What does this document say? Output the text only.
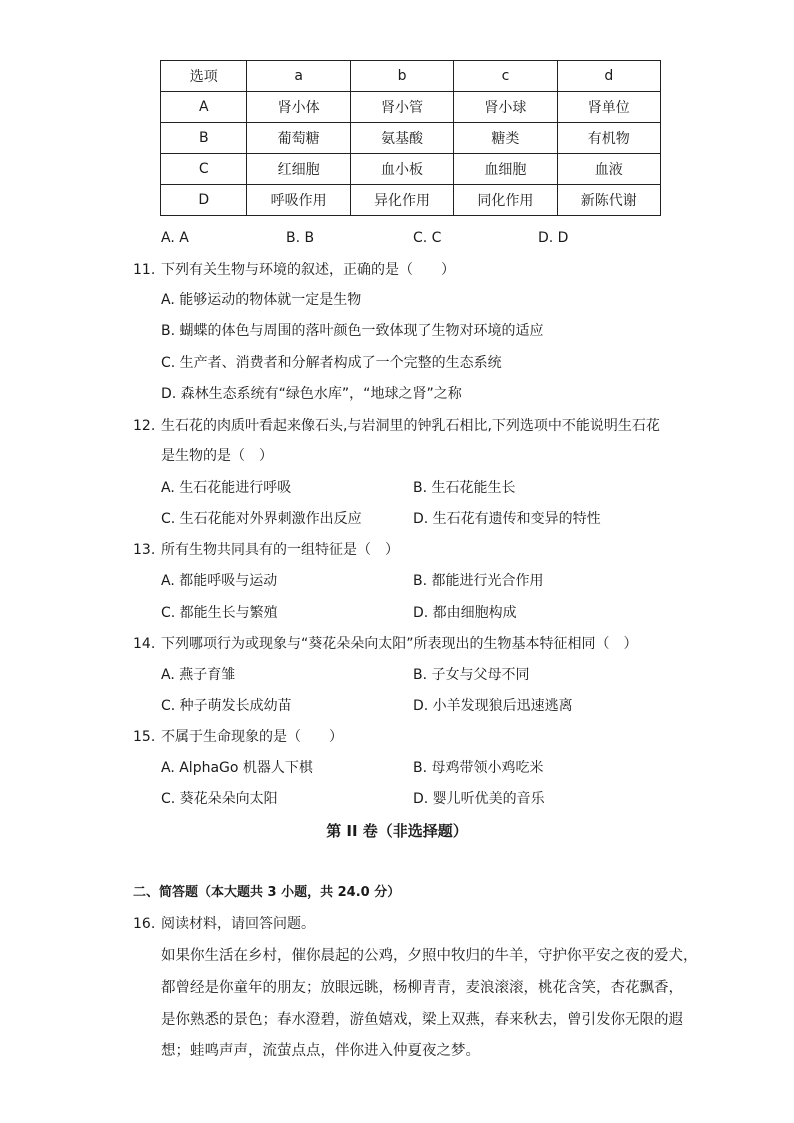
选项	a	b	c	d
A	肾小体	肾小管	肾小球	肾单位
B	葡萄糖	氨基酸	糖类	有机物
C	红细胞	血小板	血细胞	血液
D	呼吸作用	异化作用	同化作用	新陈代谢
A. A	B. B	C. C	D. D
11. 下列有关生物与环境的叙述，正确的是（　　）
A. 能够运动的物体就一定是生物
B. 蝴蝶的体色与周围的落叶颜色一致体现了生物对环境的适应
C. 生产者、消费者和分解者构成了一个完整的生态系统
D. 森林生态系统有“绿色水库”，“地球之肾”之称
12. 生石花的肉质叶看起来像石头,与岩洞里的钟乳石相比,下列选项中不能说明生石花
是生物的是（　）
A. 生石花能进行呼吸	B. 生石花能生长
C. 生石花能对外界刺激作出反应	D. 生石花有遗传和变异的特性
13. 所有生物共同具有的一组特征是（　）
A. 都能呼吸与运动	B. 都能进行光合作用
C. 都能生长与繁殖	D. 都由细胞构成
14. 下列哪项行为或现象与“葵花朵朵向太阳”所表现出的生物基本特征相同（　）
A. 燕子育雏	B. 子女与父母不同
C. 种子萌发长成幼苗	D. 小羊发现狼后迅速逃离
15. 不属于生命现象的是（　　）
A. AlphaGo 机器人下棋	B. 母鸡带领小鸡吃米
C. 葵花朵朵向太阳	D. 婴儿听优美的音乐
第 II 卷（非选择题）
二、简答题（本大题共 3 小题，共 24.0 分）
16. 阅读材料，请回答问题。
如果你生活在乡村，催你晨起的公鸡，夕照中牧归的牛羊，守护你平安之夜的爱犬，
都曾经是你童年的朋友；放眼远眺，杨柳青青，麦浪滚滚，桃花含笑，杏花飘香，
是你熟悉的景色；春水澄碧，游鱼嬉戏，梁上双燕，春来秋去，曾引发你无限的遐
想；蛙鸣声声，流萤点点，伴你进入仲夏夜之梦。
